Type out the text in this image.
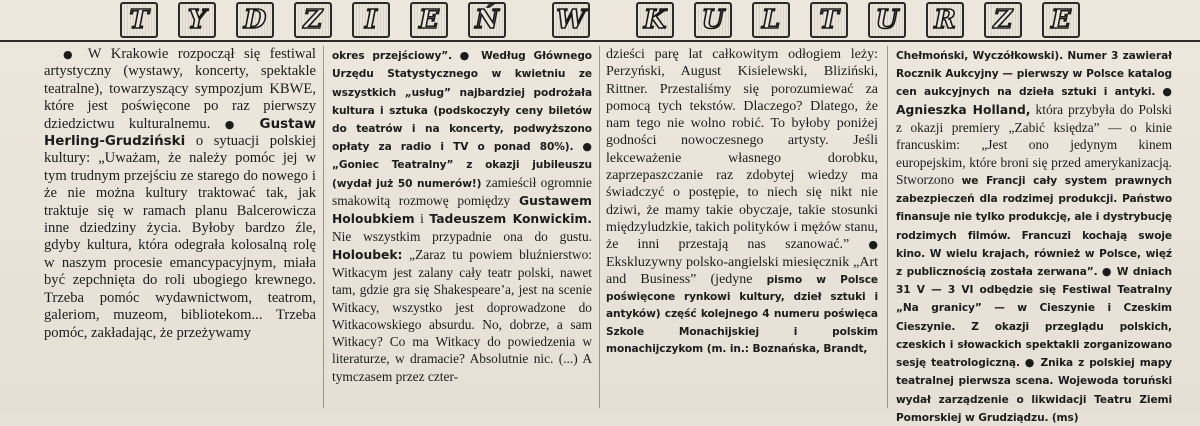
T	Y	D	Z	I	E	Ń W K U	L	T	U	R	Z	E

● W Krakowie rozpoczął się festiwal artystyczny (wystawy, koncerty, spektakle teatralne), towarzyszący sympozjum KBWE, które jest poświęcone po raz pierwszy dziedzictwu kulturalnemu. ● Gustaw Herling-Grudziński o sytuacji polskiej kultury: „Uważam, że należy pomóc jej w tym trudnym przejściu ze starego do nowego i że nie można kultury traktować tak, jak traktuje się w ramach planu Balcerowicza inne dziedziny życia. Byłoby bardzo źle, gdyby kultura, która odegrała kolosalną rolę w naszym procesie emancypacyjnym, miała być zepchnięta do roli ubogiego krewnego. Trzeba pomóc wydawnictwom, teatrom, galeriom, muzeom, bibliotekom... Trzeba pomóc, zakładając, że przeżywamy

okres przejściowy”. ● Według Głównego Urzędu Statystycznego w kwietniu ze wszystkich „usług” najbardziej podrożała kultura i sztuka (podskoczyły ceny biletów do teatrów i na koncerty, podwyższono opłaty za radio i TV o ponad 80%). ● „Goniec Teatralny” z okazji jubileuszu (wydał już 50 numerów!) zamieścił ogromnie smakowitą rozmowę pomiędzy Gustawem Holoubkiem i Tadeuszem Konwickim. Nie wszystkim przypadnie ona do gustu. Holoubek: „Zaraz tu powiem bluźnierstwo: Witkacym jest zalany cały teatr polski, nawet tam, gdzie gra się Shakespeare’a, jest na scenie Witkacy, wszystko jest doprowadzone do Witkacowskiego absurdu. No, dobrze, a sam Witkacy? Co ma Witkacy do powiedzenia w literaturze, w dramacie? Absolutnie nic. (...) A tymczasem przez czter-

dzieści parę lat całkowitym odłogiem leży: Perzyński, August Kisielewski, Bliziński, Rittner. Przestaliśmy się porozumiewać za pomocą tych tekstów. Dlaczego? Dlatego, że nam tego nie wolno robić. To byłoby poniżej godności nowoczesnego artysty. Jeśli lekceważenie własnego dorobku, zaprzepaszczanie raz zdobytej wiedzy ma świadczyć o postępie, to niech się nikt nie dziwi, że mamy takie obyczaje, takie stosunki międzyludzkie, takich polityków i mężów stanu, że inni przestają nas szanować.” ● Ekskluzywny polsko-angielski miesięcznik „Art and Business” (jedyne pismo w Polsce poświęcone rynkowi kultury, dzieł sztuki i antyków) część kolejnego 4 numeru poświęca Szkole Monachijskiej i polskim monachijczykom (m. in.: Boznańska, Brandt,

Chełmoński, Wyczółkowski). Numer 3 zawierał Rocznik Aukcyjny — pierwszy w Polsce katalog cen aukcyjnych na dzieła sztuki i antyki. ● Agnieszka Holland, która przybyła do Polski z okazji premiery „Zabić księdza” — o kinie francuskim: „Jest ono jedynym kinem europejskim, które broni się przed amerykanizacją. Stworzono we Francji cały system prawnych zabezpieczeń dla rodzimej produkcji. Państwo finansuje nie tylko produkcję, ale i dystrybucję rodzimych filmów. Francuzi kochają swoje kino. W wielu krajach, również w Polsce, więź z publicznością została zerwana”. ● W dniach 31 V — 3 VI odbędzie się Festiwal Teatralny „Na granicy” — w Cieszynie i Czeskim Cieszynie. Z okazji przeglądu polskich, czeskich i słowackich spektakli zorganizowano sesję teatrologiczną. ● Znika z polskiej mapy teatralnej pierwsza scena. Wojewoda toruński wydał zarządzenie o likwidacji Teatru Ziemi Pomorskiej w Grudziądzu. (ms)
